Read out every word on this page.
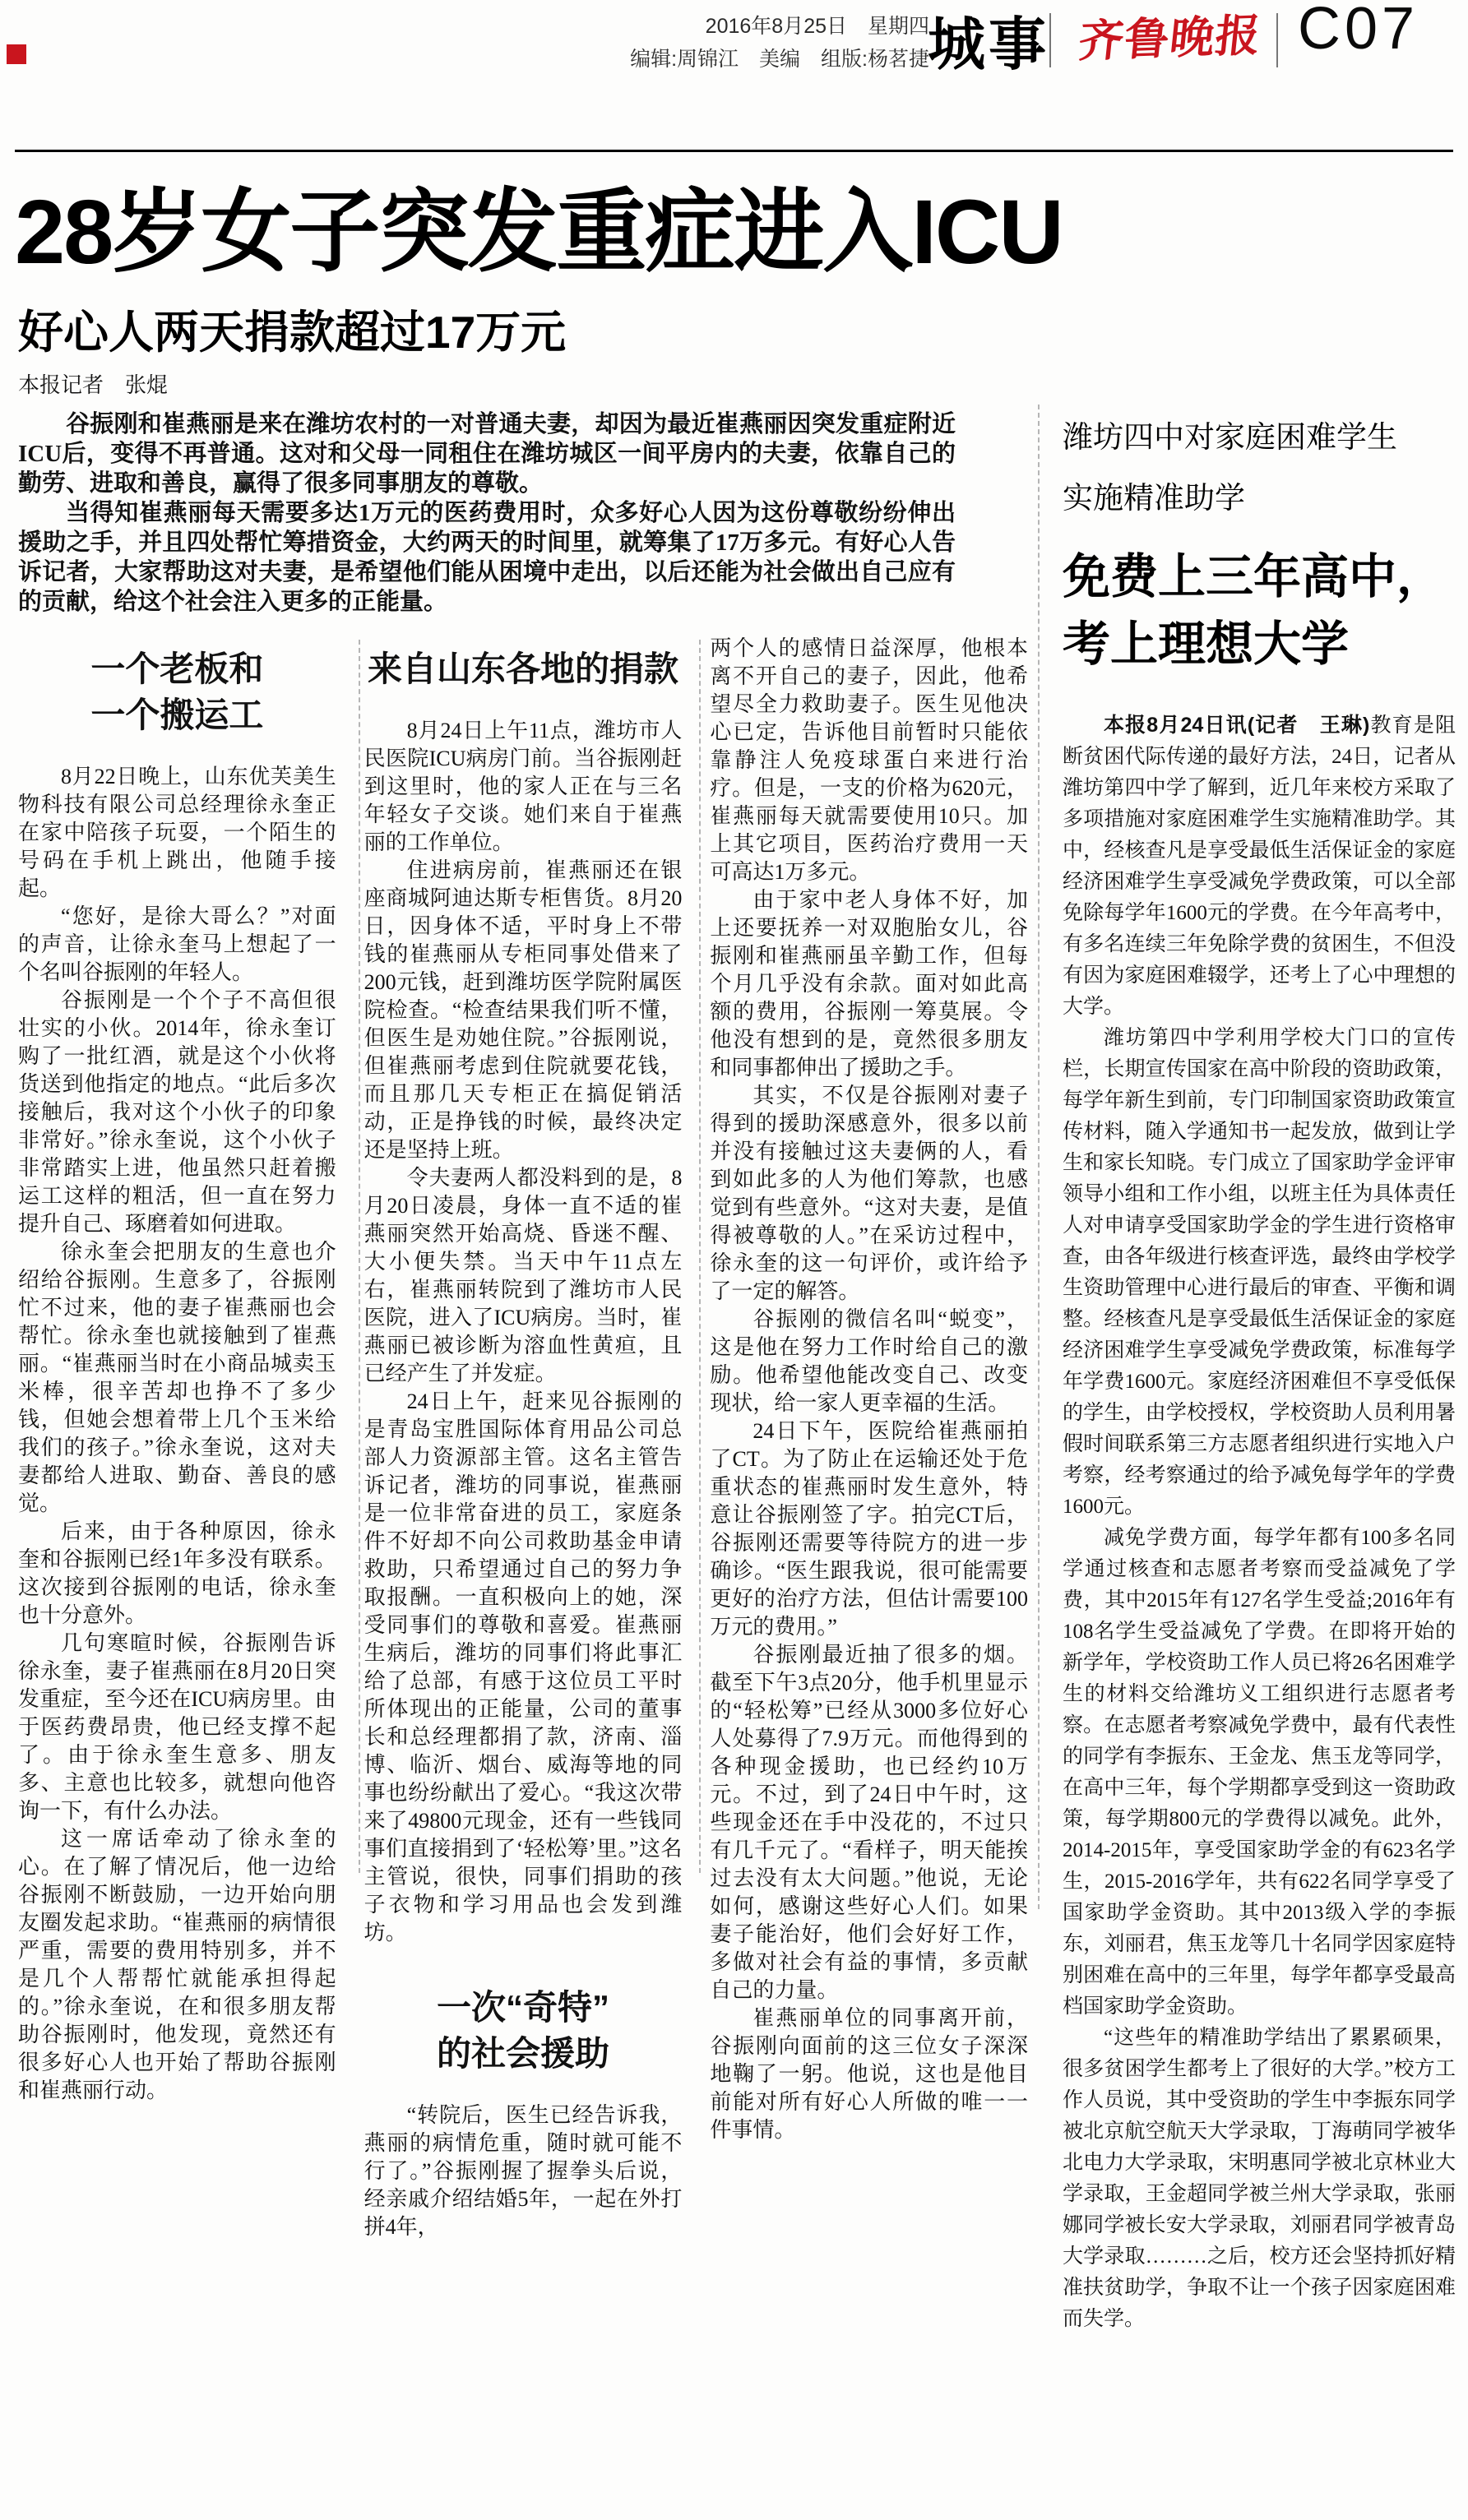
2016年8月25日　星期四
编辑:周锦江　美编　组版:杨茗捷
城事 齐鲁晚报 C07
28岁女子突发重症进入ICU
好心人两天捐款超过17万元
本报记者　张焜

谷振刚和崔燕丽是来在潍坊农村的一对普通夫妻，却因为最近崔燕丽因突发重症附近ICU后，变得不再普通。这对和父母一同租住在潍坊城区一间平房内的夫妻，依靠自己的勤劳、进取和善良，赢得了很多同事朋友的尊敬。

当得知崔燕丽每天需要多达1万元的医药费用时，众多好心人因为这份尊敬纷纷伸出援助之手，并且四处帮忙筹措资金，大约两天的时间里，就筹集了17万多元。有好心人告诉记者，大家帮助这对夫妻，是希望他们能从困境中走出，以后还能为社会做出自己应有的贡献，给这个社会注入更多的正能量。

一个老板和
一个搬运工

8月22日晚上，山东优芙美生物科技有限公司总经理徐永奎正在家中陪孩子玩耍，一个陌生的号码在手机上跳出，他随手接起。

“您好，是徐大哥么？”对面的声音，让徐永奎马上想起了一个名叫谷振刚的年轻人。

谷振刚是一个个子不高但很壮实的小伙。2014年，徐永奎订购了一批红酒，就是这个小伙将货送到他指定的地点。“此后多次接触后，我对这个小伙子的印象非常好。”徐永奎说，这个小伙子非常踏实上进，他虽然只赶着搬运工这样的粗活，但一直在努力提升自己、琢磨着如何进取。

徐永奎会把朋友的生意也介绍给谷振刚。生意多了，谷振刚忙不过来，他的妻子崔燕丽也会帮忙。徐永奎也就接触到了崔燕丽。“崔燕丽当时在小商品城卖玉米棒，很辛苦却也挣不了多少钱，但她会想着带上几个玉米给我们的孩子。”徐永奎说，这对夫妻都给人进取、勤奋、善良的感觉。

后来，由于各种原因，徐永奎和谷振刚已经1年多没有联系。这次接到谷振刚的电话，徐永奎也十分意外。

几句寒暄时候，谷振刚告诉徐永奎，妻子崔燕丽在8月20日突发重症，至今还在ICU病房里。由于医药费昂贵，他已经支撑不起了。由于徐永奎生意多、朋友多、主意也比较多，就想向他咨询一下，有什么办法。

这一席话牵动了徐永奎的心。在了解了情况后，他一边给谷振刚不断鼓励，一边开始向朋友圈发起求助。“崔燕丽的病情很严重，需要的费用特别多，并不是几个人帮帮忙就能承担得起的。”徐永奎说，在和很多朋友帮助谷振刚时，他发现，竟然还有很多好心人也开始了帮助谷振刚和崔燕丽行动。

来自山东各地的捐款

8月24日上午11点，潍坊市人民医院ICU病房门前。当谷振刚赶到这里时，他的家人正在与三名年轻女子交谈。她们来自于崔燕丽的工作单位。

住进病房前，崔燕丽还在银座商城阿迪达斯专柜售货。8月20日，因身体不适，平时身上不带钱的崔燕丽从专柜同事处借来了200元钱，赶到潍坊医学院附属医院检查。“检查结果我们听不懂，但医生是劝她住院。”谷振刚说，但崔燕丽考虑到住院就要花钱，而且那几天专柜正在搞促销活动，正是挣钱的时候，最终决定还是坚持上班。

令夫妻两人都没料到的是，8月20日凌晨，身体一直不适的崔燕丽突然开始高烧、昏迷不醒、大小便失禁。当天中午11点左右，崔燕丽转院到了潍坊市人民医院，进入了ICU病房。当时，崔燕丽已被诊断为溶血性黄疸，且已经产生了并发症。

24日上午，赶来见谷振刚的是青岛宝胜国际体育用品公司总部人力资源部主管。这名主管告诉记者，潍坊的同事说，崔燕丽是一位非常奋进的员工，家庭条件不好却不向公司救助基金申请救助，只希望通过自己的努力争取报酬。一直积极向上的她，深受同事们的尊敬和喜爱。崔燕丽生病后，潍坊的同事们将此事汇给了总部，有感于这位员工平时所体现出的正能量，公司的董事长和总经理都捐了款，济南、淄博、临沂、烟台、威海等地的同事也纷纷献出了爱心。“我这次带来了49800元现金，还有一些钱同事们直接捐到了‘轻松筹’里。”这名主管说，很快，同事们捐助的孩子衣物和学习用品也会发到潍坊。

一次“奇特”
的社会援助

“转院后，医生已经告诉我，燕丽的病情危重，随时就可能不行了。”谷振刚握了握拳头后说，经亲戚介绍结婚5年，一起在外打拼4年，

两个人的感情日益深厚，他根本离不开自己的妻子，因此，他希望尽全力救助妻子。医生见他决心已定，告诉他目前暂时只能依靠静注人免疫球蛋白来进行治疗。但是，一支的价格为620元，崔燕丽每天就需要使用10只。加上其它项目，医药治疗费用一天可高达1万多元。

由于家中老人身体不好，加上还要抚养一对双胞胎女儿，谷振刚和崔燕丽虽辛勤工作，但每个月几乎没有余款。面对如此高额的费用，谷振刚一筹莫展。令他没有想到的是，竟然很多朋友和同事都伸出了援助之手。

其实，不仅是谷振刚对妻子得到的援助深感意外，很多以前并没有接触过这夫妻俩的人，看到如此多的人为他们筹款，也感觉到有些意外。“这对夫妻，是值得被尊敬的人。”在采访过程中，徐永奎的这一句评价，或许给予了一定的解答。

谷振刚的微信名叫“蜕变”，这是他在努力工作时给自己的激励。他希望他能改变自己、改变现状，给一家人更幸福的生活。

24日下午，医院给崔燕丽拍了CT。为了防止在运输还处于危重状态的崔燕丽时发生意外，特意让谷振刚签了字。拍完CT后，谷振刚还需要等待院方的进一步确诊。“医生跟我说，很可能需要更好的治疗方法，但估计需要100万元的费用。”

谷振刚最近抽了很多的烟。截至下午3点20分，他手机里显示的“轻松筹”已经从3000多位好心人处募得了7.9万元。而他得到的各种现金援助，也已经约10万元。不过，到了24日中午时，这些现金还在手中没花的，不过只有几千元了。“看样子，明天能挨过去没有太大问题。”他说，无论如何，感谢这些好心人们。如果妻子能治好，他们会好好工作，多做对社会有益的事情，多贡献自己的力量。

崔燕丽单位的同事离开前，谷振刚向面前的这三位女子深深地鞠了一躬。他说，这也是他目前能对所有好心人所做的唯一一件事情。

潍坊四中对家庭困难学生
实施精准助学
免费上三年高中，
考上理想大学

本报8月24日讯(记者　王琳)教育是阻断贫困代际传递的最好方法，24日，记者从潍坊第四中学了解到，近几年来校方采取了多项措施对家庭困难学生实施精准助学。其中，经核查凡是享受最低生活保证金的家庭经济困难学生享受减免学费政策，可以全部免除每学年1600元的学费。在今年高考中，有多名连续三年免除学费的贫困生，不但没有因为家庭困难辍学，还考上了心中理想的大学。

潍坊第四中学利用学校大门口的宣传栏，长期宣传国家在高中阶段的资助政策，每学年新生到前，专门印制国家资助政策宣传材料，随入学通知书一起发放，做到让学生和家长知晓。专门成立了国家助学金评审领导小组和工作小组，以班主任为具体责任人对申请享受国家助学金的学生进行资格审查，由各年级进行核查评选，最终由学校学生资助管理中心进行最后的审查、平衡和调整。经核查凡是享受最低生活保证金的家庭经济困难学生享受减免学费政策，标准每学年学费1600元。家庭经济困难但不享受低保的学生，由学校授权，学校资助人员利用暑假时间联系第三方志愿者组织进行实地入户考察，经考察通过的给予减免每学年的学费1600元。

减免学费方面，每学年都有100多名同学通过核查和志愿者考察而受益减免了学费，其中2015年有127名学生受益;2016年有108名学生受益减免了学费。在即将开始的新学年，学校资助工作人员已将26名困难学生的材料交给潍坊义工组织进行志愿者考察。在志愿者考察减免学费中，最有代表性的同学有李振东、王金龙、焦玉龙等同学，在高中三年，每个学期都享受到这一资助政策，每学期800元的学费得以减免。此外，2014-2015年，享受国家助学金的有623名学生，2015-2016学年，共有622名同学享受了国家助学金资助。其中2013级入学的李振东，刘丽君，焦玉龙等几十名同学因家庭特别困难在高中的三年里，每学年都享受最高档国家助学金资助。

“这些年的精准助学结出了累累硕果，很多贫困学生都考上了很好的大学。”校方工作人员说，其中受资助的学生中李振东同学被北京航空航天大学录取，丁海萌同学被华北电力大学录取，宋明惠同学被北京林业大学录取，王金超同学被兰州大学录取，张丽娜同学被长安大学录取，刘丽君同学被青岛大学录取………之后，校方还会坚持抓好精准扶贫助学，争取不让一个孩子因家庭困难而失学。
